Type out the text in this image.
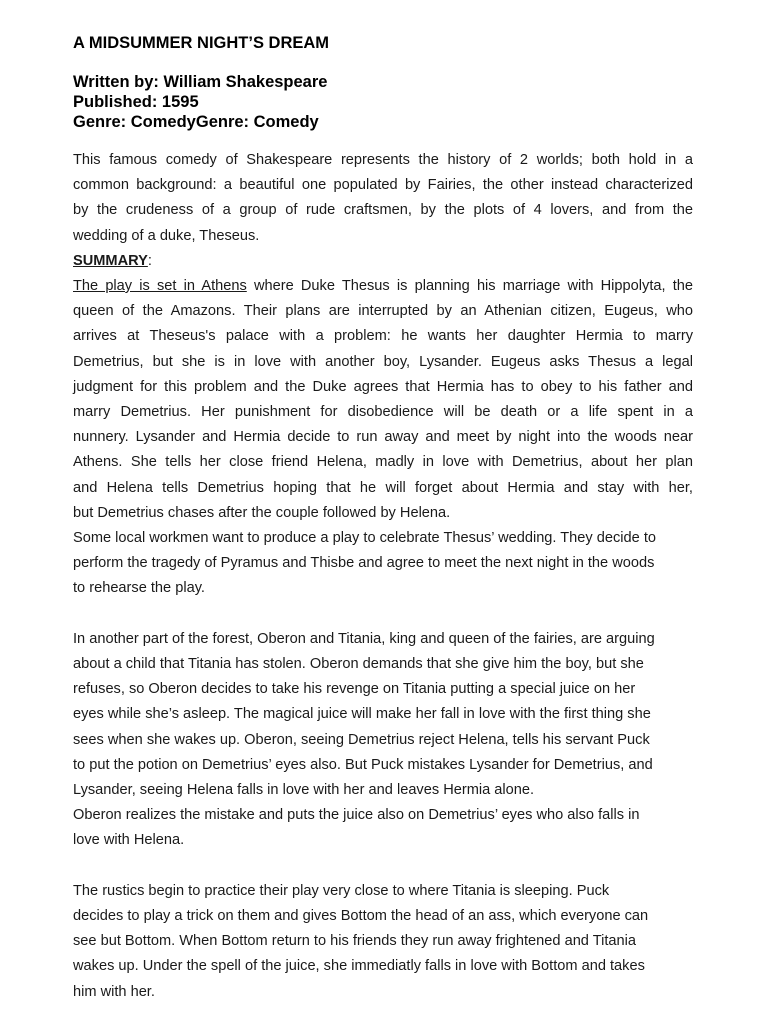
A MIDSUMMER NIGHT’S DREAM
Written by: William Shakespeare
Published: 1595
Genre: ComedyGenre: Comedy

This famous comedy of Shakespeare represents the history of 2 worlds; both hold in a
common background: a beautiful one populated by Fairies, the other instead characterized
by the crudeness of a group of rude craftsmen, by the plots of 4 lovers, and from the
wedding of a duke, Theseus.

SUMMARY:

The play is set in Athens where Duke Thesus is planning his marriage with Hippolyta, the
queen of the Amazons. Their plans are interrupted by an Athenian citizen, Eugeus, who
arrives at Theseus's palace with a problem: he wants her daughter Hermia to marry
Demetrius, but she is in love with another boy, Lysander. Eugeus asks Thesus a legal
judgment for this problem and the Duke agrees that Hermia has to obey to his father and
marry Demetrius. Her punishment for disobedience will be death or a life spent in a
nunnery. Lysander and Hermia decide to run away and meet by night into the woods near
Athens. She tells her close friend Helena, madly in love with Demetrius, about her plan
and Helena tells Demetrius hoping that he will forget about Hermia and stay with her,
but Demetrius chases after the couple followed by Helena.

Some local workmen want to produce a play to celebrate Thesus’ wedding. They decide to
perform the tragedy of Pyramus and Thisbe and agree to meet the next night in the woods
to rehearse the play.

In another part of the forest, Oberon and Titania, king and queen of the fairies, are arguing
about a child that Titania has stolen. Oberon demands that she give him the boy, but she
refuses, so Oberon decides to take his revenge on Titania putting a special juice on her
eyes while she’s asleep. The magical juice will make her fall in love with the first thing she
sees when she wakes up. Oberon, seeing Demetrius reject Helena, tells his servant Puck
to put the potion on Demetrius’ eyes also. But Puck mistakes Lysander for Demetrius, and
Lysander, seeing Helena falls in love with her and leaves Hermia alone.

Oberon realizes the mistake and puts the juice also on Demetrius’ eyes who also falls in
love with Helena.

The rustics begin to practice their play very close to where Titania is sleeping. Puck
decides to play a trick on them and gives Bottom the head of an ass, which everyone can
see but Bottom. When Bottom return to his friends they run away frightened and Titania
wakes up. Under the spell of the juice, she immediatly falls in love with Bottom and takes
him with her.
